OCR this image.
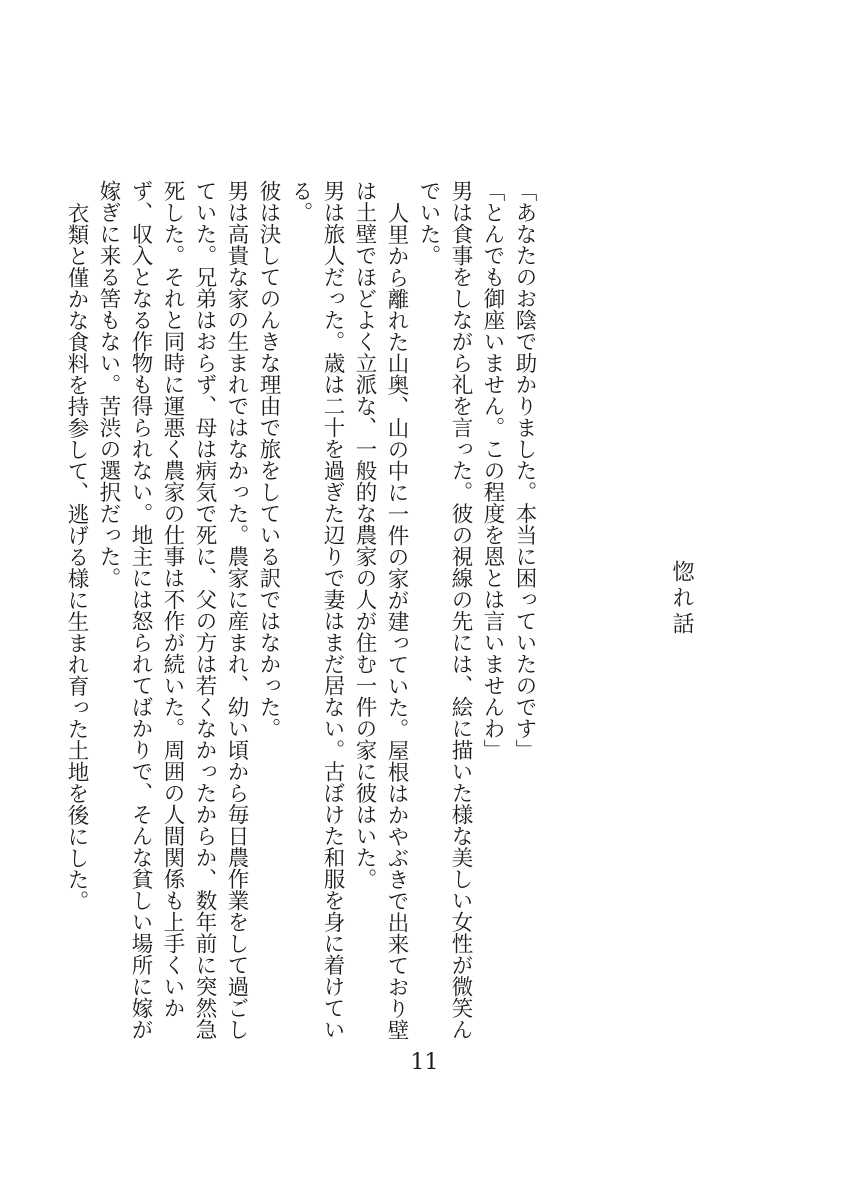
惚れ話

「あなたのお陰で助かりました。本当に困っていたのです」

「とんでも御座いません。この程度を恩とは言いませんわ」

男は食事をしながら礼を言った。彼の視線の先には、絵に描いた様な美しい女性が微笑んでいた。

人里から離れた山奥、山の中に一件の家が建っていた。屋根はかやぶきで出来ており壁は土壁でほどよく立派な、一般的な農家の人が住む一件の家に彼はいた。

男は旅人だった。歳は二十を過ぎた辺りで妻はまだ居ない。古ぼけた和服を身に着けている。

彼は決してのんきな理由で旅をしている訳ではなかった。

男は高貴な家の生まれではなかった。農家に産まれ、幼い頃から毎日農作業をして過ごしていた。兄弟はおらず、母は病気で死に、父の方は若くなかったからか、数年前に突然急死した。それと同時に運悪く農家の仕事は不作が続いた。周囲の人間関係も上手くいかず、収入となる作物も得られない。地主には怒られてばかりで、そんな貧しい場所に嫁が嫁ぎに来る筈もない。苦渋の選択だった。

衣類と僅かな食料を持参して、逃げる様に生まれ育った土地を後にした。

11
